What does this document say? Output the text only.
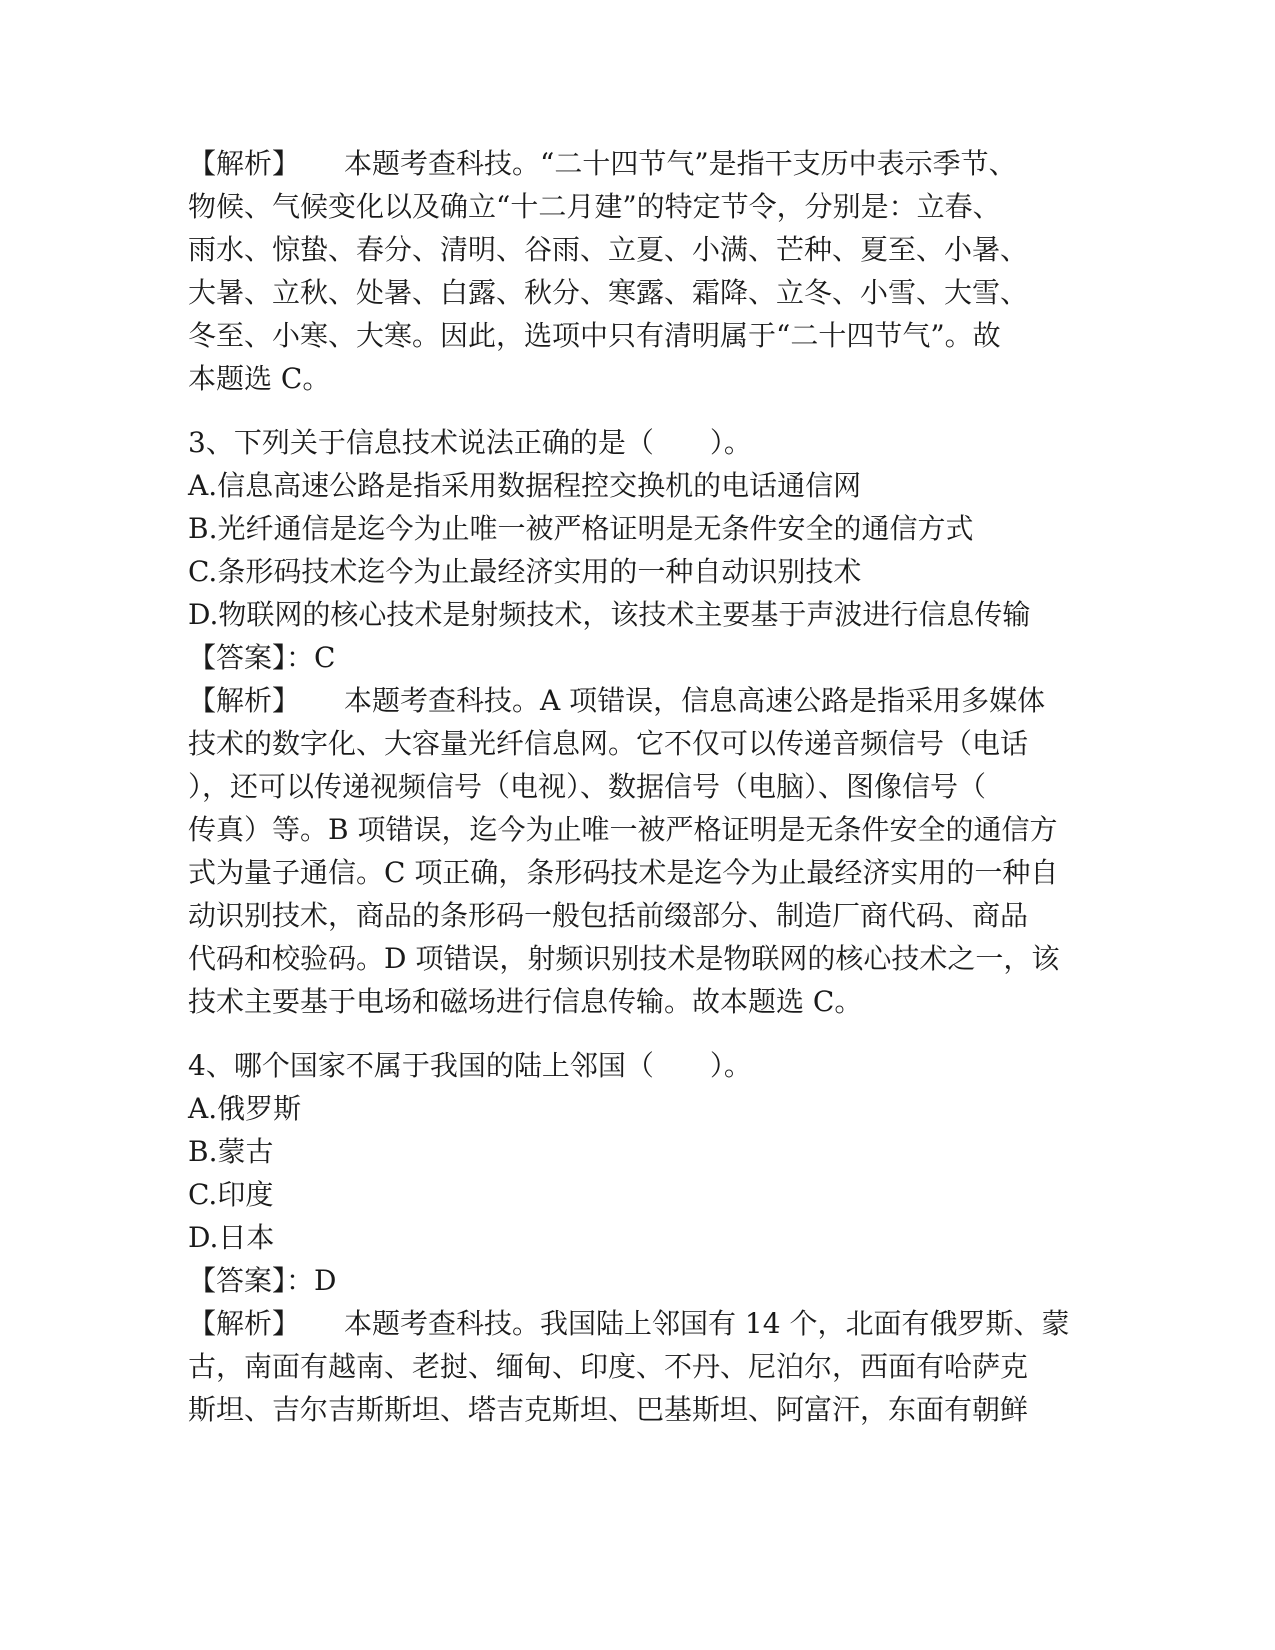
【解析】 本题考查科技。“二十四节气”是指干支历中表示季节、
物候、气候变化以及确立“十二月建”的特定节令，分别是：立春、
雨水、惊蛰、春分、清明、谷雨、立夏、小满、芒种、夏至、小暑、
大暑、立秋、处暑、白露、秋分、寒露、霜降、立冬、小雪、大雪、
冬至、小寒、大寒。因此，选项中只有清明属于“二十四节气”。故
本题选 C。
3、下列关于信息技术说法正确的是（　　）。
A.信息高速公路是指采用数据程控交换机的电话通信网
B.光纤通信是迄今为止唯一被严格证明是无条件安全的通信方式
C.条形码技术迄今为止最经济实用的一种自动识别技术
D.物联网的核心技术是射频技术，该技术主要基于声波进行信息传输
【答案】：C
【解析】 本题考查科技。A 项错误，信息高速公路是指采用多媒体
技术的数字化、大容量光纤信息网。它不仅可以传递音频信号（电话
），还可以传递视频信号（电视）、数据信号（电脑）、图像信号（
传真）等。B 项错误，迄今为止唯一被严格证明是无条件安全的通信方
式为量子通信。C 项正确，条形码技术是迄今为止最经济实用的一种自
动识别技术，商品的条形码一般包括前缀部分、制造厂商代码、商品
代码和校验码。D 项错误，射频识别技术是物联网的核心技术之一，该
技术主要基于电场和磁场进行信息传输。故本题选 C。
4、哪个国家不属于我国的陆上邻国（　　）。
A.俄罗斯
B.蒙古
C.印度
D.日本
【答案】：D
【解析】 本题考查科技。我国陆上邻国有 14 个，北面有俄罗斯、蒙
古，南面有越南、老挝、缅甸、印度、不丹、尼泊尔，西面有哈萨克
斯坦、吉尔吉斯斯坦、塔吉克斯坦、巴基斯坦、阿富汗，东面有朝鲜
